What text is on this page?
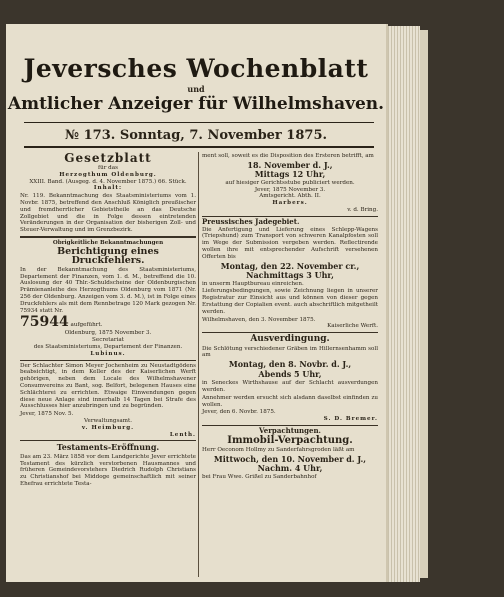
Jeversches Wochenblatt
und
Amtlicher Anzeiger für Wilhelmshaven.
№ 173. Sonntag, 7. November 1875.
Gesetzblatt
für das
Herzogthum Oldenburg.
XXIII. Band. (Ausgeg. d. 4. November 1875.) 66. Stück.
Inhalt:
Nr. 119. Bekanntmachung des Staatsministeriums vom 1. Novbr. 1875, betreffend den Anschluß Königlich preußischer und fremdherrlicher Gebietstheile an das Deutsche Zollgebiet und die in Folge dessen eintretenden Veränderungen in der Organisation der bisherigen Zoll- und Steuer-Verwaltung und im Grenzbezirk.
Obrigkeitliche Bekanntmachungen
Berichtigung eines Druckfehlers.
In der Bekanntmachung des Staatsministeriums, Departement der Finanzen, vom 1. d. M., betreffend die 10. Auslosung der 40 Thlr.-Schuldscheine der Oldenburgischen Prämienanleihe des Herzogthums Oldenburg vom 1871 (Nr. 256 der Oldenburg. Anzeigen vom 3. d. M.), ist in Folge eines Druckfehlers als mit dem Rennbetrage 120 Mark gezogen Nr. 75934 statt Nr.
75944 aufgeführt.
Oldenburg, 1875 November 3.
Secretariat
des Staatsministeriums, Departement der Finanzen.
Lubinus.
Der Schlachter Simon Meyer Jochenheim zu Neustadtgödens beabsichtigt, in dem Keller des der Kaiserlichen Werft gehörigen, neben dem Locale des Wilhelmshavener Consumvereins zu Bant, sog. Belfort, belegenen Hauses eine Schlächterei zu errichten. Etwaige Einwendungen gegen diese neue Anlage sind innerhalb 14 Tagen bei Strafe des Ausschlusses hier anzubringen und zu begründen.
Jever, 1875 Nov. 5.
Verwaltungsamt.
v. Heimburg.
Lenth.
Testaments-Eröffnung.
Das am 23. März 1858 vor dem Landgerichte Jever errichtete Testament des kürzlich verstorbenen Hausmannes und früheren Gemeindevorstehers Diedrich Rudolph Christians zu Christianshof bei Middoge gemeinschaftlich mit seiner Ehefrau errichtete Testa-
ment soll, soweit es die Disposition des Ersteren betrifft, am
18. November d. J.,
Mittags 12 Uhr,
auf hiesiger Gerichtsstube publiciert werden.
Jever, 1875 November 3.
Amtsgericht. Abth. II.
Harbers.
v. d. Bring.
Preussisches Jadegebiet.
Die Anfertigung und Lieferung eines Schlepp-Wagens (Triepshund) zum Transport von schweren Kanalpfosten soll im Wege der Submission vergeben werden. Reflectirende wollen ihre mit entsprechender Aufschrift versehenen Offerten bis
Montag, den 22. November cr.,
Nachmittags 3 Uhr,
in unserm Hauptbureau einreichen.
Lieferungsbedingungen, sowie Zeichnung liegen in unserer Registratur zur Einsicht aus und können von dieser gegen Erstattung der Copialien event. auch abschriftlich mitgetheilt werden.
Wilhelmshaven, den 3. November 1875.
Kaiserliche Werft.
Ausverdingung.
Die Schlötung verschiedener Gräben im Hillernsenhamm soll am
Montag, den 8. Novbr. d. J.,
Abends 5 Uhr,
in Seneckes Wirthshause auf der Schlacht ausverdungen werden.
Annehmer werden ersucht sich alsdann daselbst einfinden zu wollen.
Jever, den 6. Novbr. 1875.
S. D. Bremer.
Verpachtungen.
Immobil-Verpachtung.
Herr Oeconom Hollmy zu Sanderfahrsgroden läßt am
Mittwoch, den 10. November d. J.,
Nachm. 4 Uhr,
bei Frau Wwe. Grißel zu Sanderbahnhof
